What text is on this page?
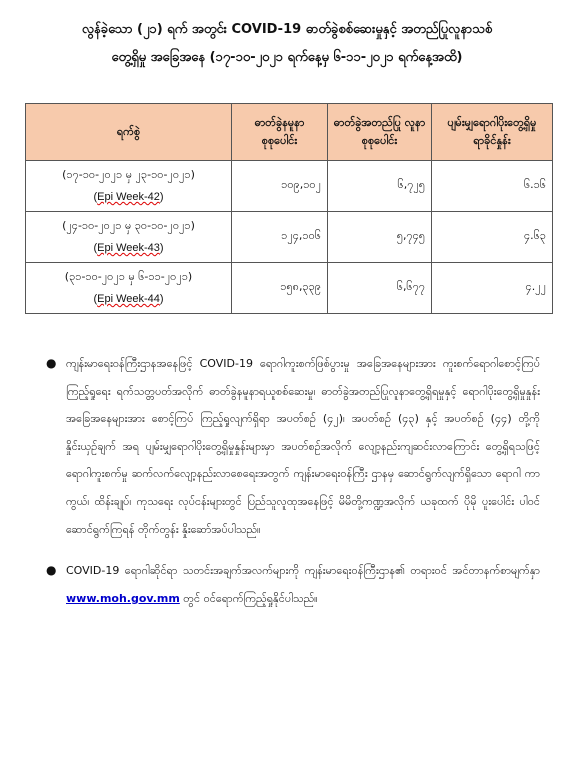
လွန်ခဲ့သော (၂၁) ရက် အတွင်း COVID-19 ဓာတ်ခွဲစစ်ဆေးမှုနှင့် အတည်ပြုလူနာသစ်
တွေ့ရှိမှု အခြေအနေ (၁၇-၁၀-၂၀၂၁ ရက်နေ့မှ ၆-၁၁-၂၀၂၁ ရက်နေ့အထိ)
ရက်စွဲ	ဓာတ်ခွဲနမူနာ စုစုပေါင်း	ဓာတ်ခွဲအတည်ပြု လူနာစုစုပေါင်း	ပျမ်းမျှရောဂါပိုးတွေ့ရှိမှု ရာခိုင်နှုန်း

(၁၇-၁၀-၂၀၂၁ မှ ၂၃-၁၀-၂၀၂၁)
(Epi Week-42)	၁၀၉,၁၀၂	၆,၇၂၅	၆.၁၆

(၂၄-၁၀-၂၀၂၁ မှ ၃၀-၁၀-၂၀၂၁)
(Epi Week-43)	၁၂၄,၁၀၆	၅,၇၄၅	၄.၆၃

(၃၁-၁၀-၂၀၂၁ မှ ၆-၁၁-၂၀၂၁)
(Epi Week-44)	၁၅၈,၃၃၉	၆,၆၇၇	၄.၂၂
● ကျန်းမာရေးဝန်ကြီးဌာနအနေဖြင့် COVID-19 ရောဂါကူးစက်ဖြစ်ပွားမှု အခြေအနေများအား ကူးစက်ရောဂါစောင့်ကြပ်ကြည့်ရှုရေး ရက်သတ္တပတ်အလိုက် ဓာတ်ခွဲနမူနာရယူစစ်ဆေးမှု၊ ဓာတ်ခွဲအတည်ပြုလူနာတွေ့ရှိရမှုနှင့် ရောဂါပိုးတွေ့ရှိမှုနှုန်း အခြေအနေများအား စောင့်ကြပ် ကြည့်ရှုလျက်ရှိရာ အပတ်စဉ် (၄၂)၊ အပတ်စဉ် (၄၃) နှင့် အပတ်စဉ် (၄၄) တို့ကို နှိုင်းယှဉ်ချက် အရ ပျမ်းမျှရောဂါပိုးတွေ့ရှိမှုနှုန်းများမှာ အပတ်စဉ်အလိုက် လျော့နည်းကျဆင်းလာကြောင်း တွေ့ရှိရသဖြင့် ရောဂါကူးစက်မှု ဆက်လက်လျော့နည်းလာစေရေးအတွက် ကျန်းမာရေးဝန်ကြီး ဌာနမှ ဆောင်ရွက်လျက်ရှိသော ရောဂါ ကာကွယ်၊ ထိန်းချုပ်၊ ကုသရေး လုပ်ငန်းများတွင် ပြည်သူလူထုအနေဖြင့် မိမိတို့ကဏ္ဍအလိုက် ယခုထက် ပိုမို ပူးပေါင်း ပါဝင်ဆောင်ရွက်ကြရန် တိုက်တွန်း နှိုးဆော်အပ်ပါသည်။
● COVID-19 ရောဂါဆိုင်ရာ သတင်းအချက်အလက်များကို ကျန်းမာရေးဝန်ကြီးဌာန၏ တရားဝင် အင်တာနက်စာမျက်နှာ www.moh.gov.mm တွင် ဝင်ရောက်ကြည့်ရှုနိုင်ပါသည်။
